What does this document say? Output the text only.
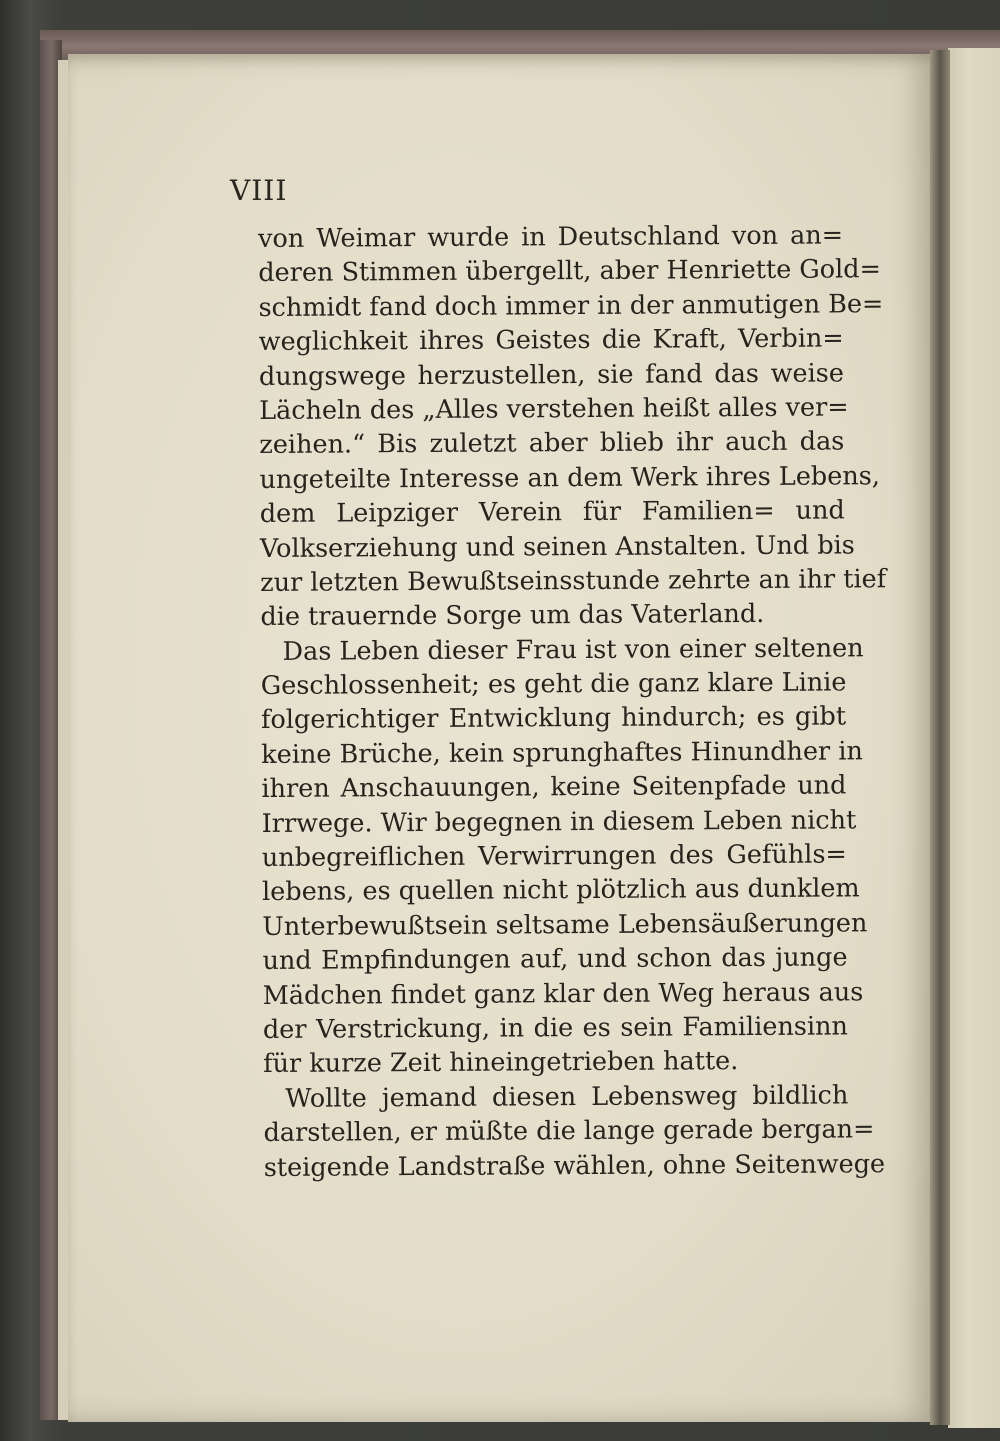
VIII
von Weimar wurde in Deutschland von an=
deren Stimmen übergellt, aber Henriette Gold=
schmidt fand doch immer in der anmutigen Be=
weglichkeit ihres Geistes die Kraft, Verbin=
dungswege herzustellen, sie fand das weise
Lächeln des „Alles verstehen heißt alles ver=
zeihen.“ Bis zuletzt aber blieb ihr auch das
ungeteilte Interesse an dem Werk ihres Lebens,
dem Leipziger Verein für Familien= und
Volkserziehung und seinen Anstalten. Und bis
zur letzten Bewußtseinsstunde zehrte an ihr tief
die trauernde Sorge um das Vaterland.
Das Leben dieser Frau ist von einer seltenen
Geschlossenheit; es geht die ganz klare Linie
folgerichtiger Entwicklung hindurch; es gibt
keine Brüche, kein sprunghaftes Hinundher in
ihren Anschauungen, keine Seitenpfade und
Irrwege. Wir begegnen in diesem Leben nicht
unbegreiflichen Verwirrungen des Gefühls=
lebens, es quellen nicht plötzlich aus dunklem
Unterbewußtsein seltsame Lebensäußerungen
und Empfindungen auf, und schon das junge
Mädchen findet ganz klar den Weg heraus aus
der Verstrickung, in die es sein Familiensinn
für kurze Zeit hineingetrieben hatte.
Wollte jemand diesen Lebensweg bildlich
darstellen, er müßte die lange gerade bergan=
steigende Landstraße wählen, ohne Seitenwege
